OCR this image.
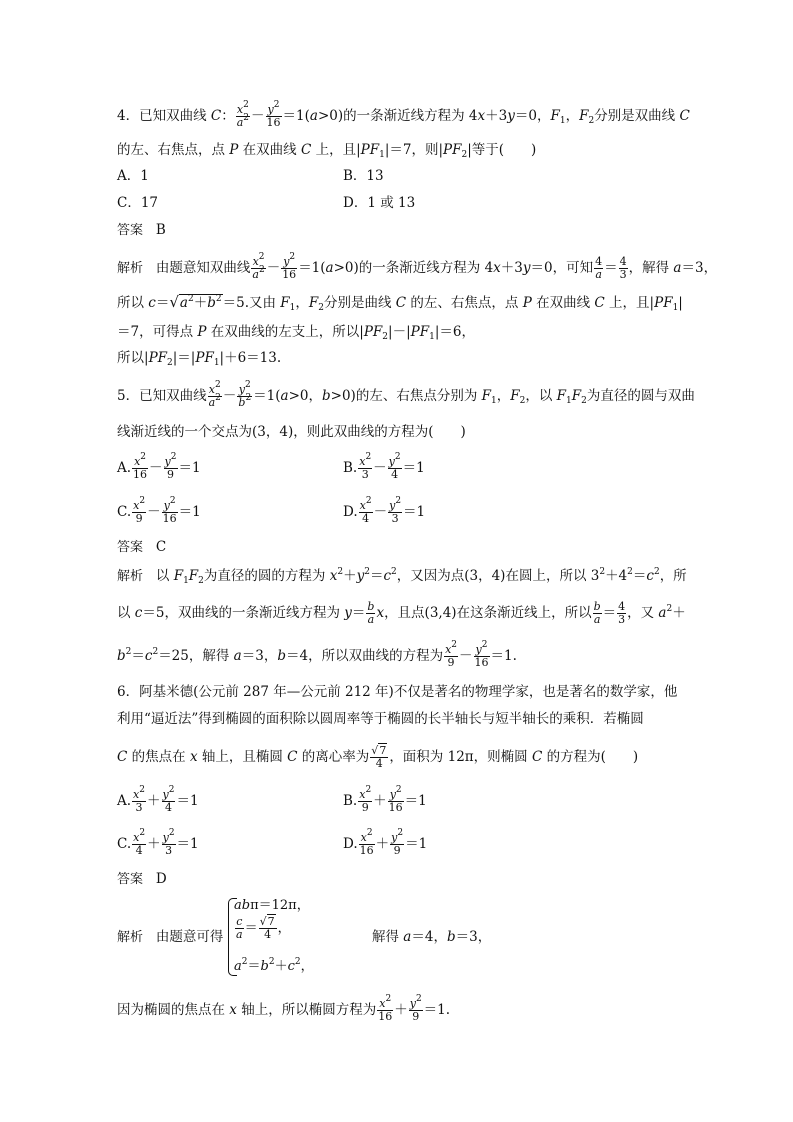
4．已知双曲线 C： $\frac{x^2}{a^2} - \frac{y^2}{16} =1(a>0)$的一条渐近线方程为 4x＋3y＝0，$F_1$，$F_2$分别是双曲线 C
的左、右焦点，点 P 在双曲线 C 上，且$|PF_1|=7$，则$|PF_2|$等于(　　)
A．1	B．13
C．17	D．1 或 13
答案 B
解析 由题意知双曲线 $\frac{x^2}{a^2} - \frac{y^2}{16} =1(a>0)$的一条渐近线方程为 4x＋3y＝0，可知 $\frac{4}{a} = \frac{4}{3}$ ，解得 a＝3，
所以 $c=√a^2+b^2=5$.又由 $F_1$，$F_2$分别是曲线 C 的左、右焦点，点 P 在双曲线 C 上，且$|PF_1|$
＝7，可得点 P 在双曲线的左支上，所以$|PF_2|-|PF_1|=6$，
所以$|PF_2|=|PF_1|+6=13$.
5．已知双曲线 $\frac{x^2}{a^2} - \frac{y^2}{b^2} =1(a>0$，b>0)的左、右焦点分别为 $F_1$，$F_2$，以 $F_1F_2$为直径的圆与双曲
线渐近线的一个交点为(3，4)，则此双曲线的方程为(　　)
A. $\frac{x^2}{16} - \frac{y^2}{9} =1$	B. $\frac{x^2}{3} - \frac{y^2}{4} =1$
C. $\frac{x^2}{9} - \frac{y^2}{16} =1$	D. $\frac{x^2}{4} - \frac{y^2}{3} =1$
答案 C
解析 以 $F_1F_2$为直径的圆的方程为 $x^2+y^2=c^2$，又因为点(3，4)在圆上，所以 $3^2+4^2=c^2$，所
以 c＝5，双曲线的一条渐近线方程为 $y= \frac{b}{a}$ x，且点(3,4)在这条渐近线上，所以 $\frac{b}{a} = \frac{4}{3}$ ，又 $a^2+$
$b^2=c^2=25$，解得 a＝3，b＝4，所以双曲线的方程为 $\frac{x^2}{9} - \frac{y^2}{16} =1$.
6．阿基米德(公元前 287 年—公元前 212 年)不仅是著名的物理学家，也是著名的数学家，他
利用“逼近法”得到椭圆的面积除以圆周率等于椭圆的长半轴长与短半轴长的乘积．若椭圆
C 的焦点在 x 轴上，且椭圆 C 的离心率为 $\frac{√7}{4}$ ，面积为 12π，则椭圆 C 的方程为(　　)
A. $\frac{x^2}{3} + \frac{y^2}{4} =1$	B. $\frac{x^2}{9} + \frac{y^2}{16} =1$
C. $\frac{x^2}{4} + \frac{y^2}{3} =1$	D. $\frac{x^2}{16} + \frac{y^2}{9} =1$
答案 D
解析 由题意可得
abπ＝12π，
$\frac{c}{a} = \frac{√7}{4}$ ，
$a^2=b^2+c^2$，
解得 a＝4，b＝3，
因为椭圆的焦点在 x 轴上，所以椭圆方程为 $\frac{x^2}{16} + \frac{y^2}{9} =1$.
